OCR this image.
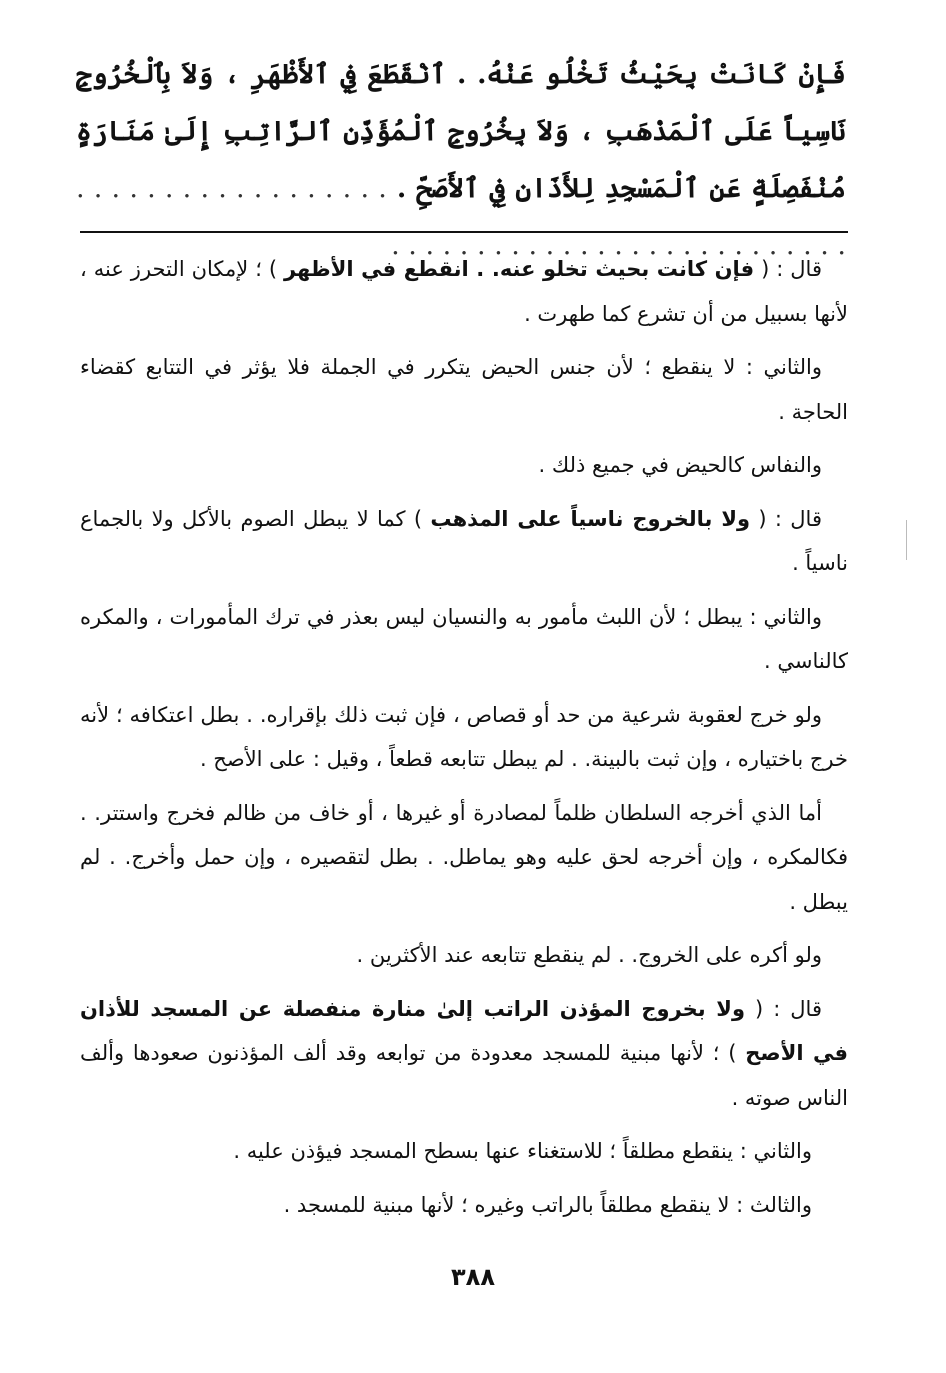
فَإِنْ كَانَتْ بِحَيْثُ تَخْلُو عَنْهُ. . ٱنْقَطَعَ فِي ٱلأَظْهَرِ ، وَلاَ بِٱلْخُرُوجِ نَاسِياً عَلَى ٱلْمَذْهَبِ ، وَلاَ بِخُرُوجِ ٱلْمُؤَذِّنِ ٱلرَّاتِبِ إِلَىٰ مَنَارَةٍ مُنْفَصِلَةٍ عَنِ ٱلْمَسْجِدِ لِلأَذَانِ فِي ٱلأَصَحِّ . . . . . . . . . . . . . . . . . . . . . . . . . . . . . . . . . . . . . . . . . . . . . .

قال : ( فإن كانت بحيث تخلو عنه. . انقطع في الأظهر ) ؛ لإمكان التحرز عنه ، لأنها بسبيل من أن تشرع كما طهرت .

والثاني : لا ينقطع ؛ لأن جنس الحيض يتكرر في الجملة فلا يؤثر في التتابع كقضاء الحاجة .

والنفاس كالحيض في جميع ذلك .

قال : ( ولا بالخروج ناسياً على المذهب ) كما لا يبطل الصوم بالأكل ولا بالجماع ناسياً .

والثاني : يبطل ؛ لأن اللبث مأمور به والنسيان ليس بعذر في ترك المأمورات ، والمكره كالناسي .

ولو خرج لعقوبة شرعية من حد أو قصاص ، فإن ثبت ذلك بإقراره. . بطل اعتكافه ؛ لأنه خرج باختياره ، وإن ثبت بالبينة. . لم يبطل تتابعه قطعاً ، وقيل : على الأصح .

أما الذي أخرجه السلطان ظلماً لمصادرة أو غيرها ، أو خاف من ظالم فخرج واستتر. . فكالمكره ، وإن أخرجه لحق عليه وهو يماطل. . بطل لتقصيره ، وإن حمل وأخرج. . لم يبطل .

ولو أكره على الخروج. . لم ينقطع تتابعه عند الأكثرين .

قال : ( ولا بخروج المؤذن الراتب إلىٰ منارة منفصلة عن المسجد للأذان في الأصح ) ؛ لأنها مبنية للمسجد معدودة من توابعه وقد ألف المؤذنون صعودها وألف الناس صوته .

والثاني : ينقطع مطلقاً ؛ للاستغناء عنها بسطح المسجد فيؤذن عليه .

والثالث : لا ينقطع مطلقاً بالراتب وغيره ؛ لأنها مبنية للمسجد .

٣٨٨
